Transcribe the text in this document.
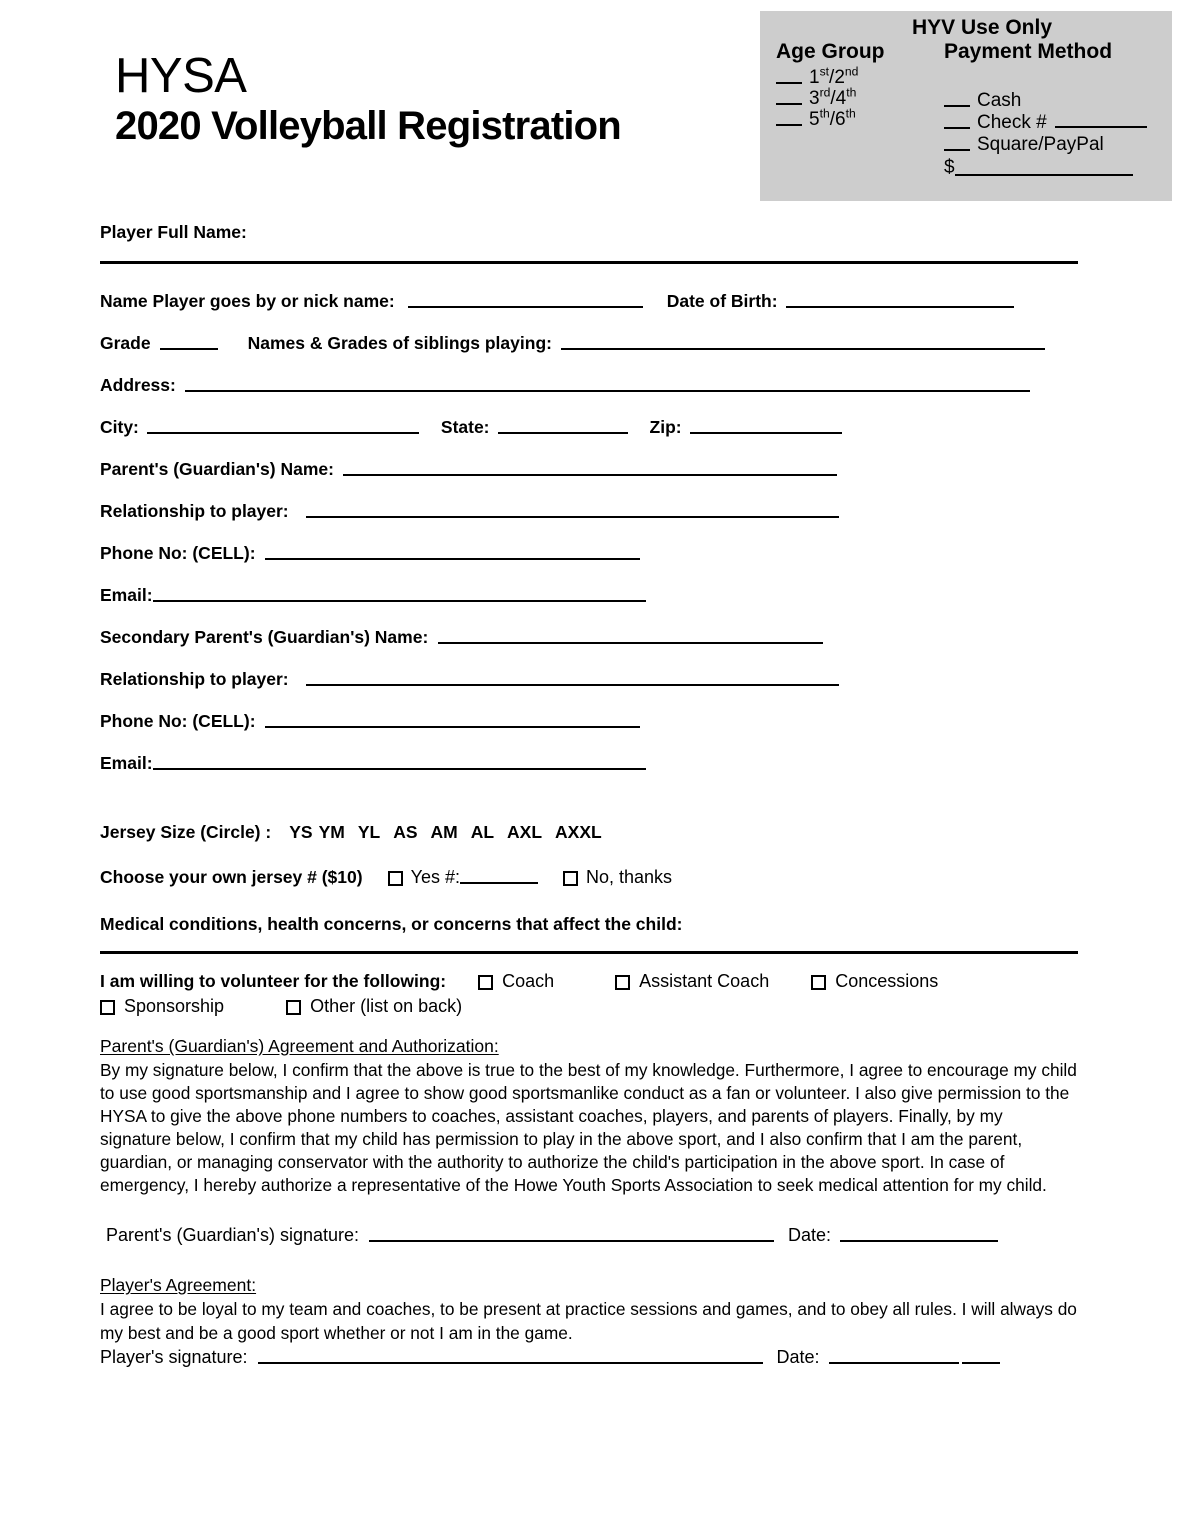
HYV Use Only
Age Group
1st/2nd
3rd/4th
5th/6th
Payment Method
Cash
Check #
Square/PayPal
$
HYSA
2020 Volleyball Registration
Player Full Name:
Name Player goes by or nick name:	Date of Birth:
Grade	Names & Grades of siblings playing:
Address:
City:	State:	Zip:
Parent's (Guardian's) Name:
Relationship to player:
Phone No: (CELL):
Email:
Secondary Parent's (Guardian's) Name:
Relationship to player:
Phone No: (CELL):
Email:
Jersey Size (Circle) : YS YM YL AS AM AL AXL AXXL
Choose your own jersey # ($10)	Yes #:	No, thanks
Medical conditions, health concerns, or concerns that affect the child:
I am willing to volunteer for the following:	Coach	Assistant Coach	Concessions
Sponsorship	Other (list on back)
Parent's (Guardian's) Agreement and Authorization:
By my signature below, I confirm that the above is true to the best of my knowledge. Furthermore, I agree to encourage my child to use good sportsmanship and I agree to show good sportsmanlike conduct as a fan or volunteer. I also give permission to the HYSA to give the above phone numbers to coaches, assistant coaches, players, and parents of players. Finally, by my signature below, I confirm that my child has permission to play in the above sport, and I also confirm that I am the parent, guardian, or managing conservator with the authority to authorize the child's participation in the above sport. In case of emergency, I hereby authorize a representative of the Howe Youth Sports Association to seek medical attention for my child.
Parent's (Guardian's) signature:	Date:
Player's Agreement:
I agree to be loyal to my team and coaches, to be present at practice sessions and games, and to obey all rules. I will always do my best and be a good sport whether or not I am in the game.
Player's signature:	Date:
